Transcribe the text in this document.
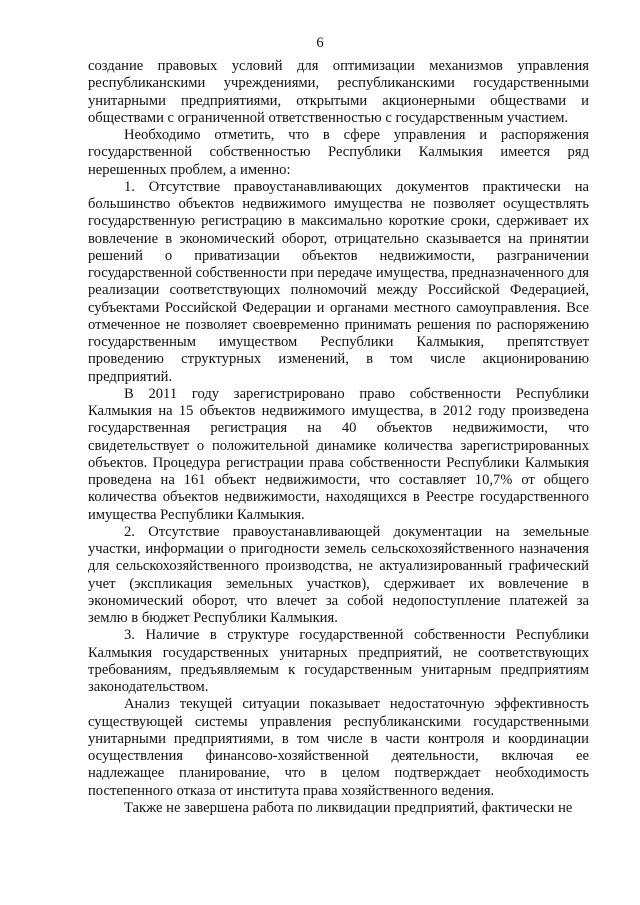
6

создание правовых условий для оптимизации механизмов управления республиканскими учреждениями, республиканскими государственными унитарными предприятиями, открытыми акционерными обществами и обществами с ограниченной ответственностью с государственным участием.

Необходимо отметить, что в сфере управления и распоряжения государственной собственностью Республики Калмыкия имеется ряд нерешенных проблем, а именно:

1. Отсутствие правоустанавливающих документов практически на большинство объектов недвижимого имущества не позволяет осуществлять государственную регистрацию в максимально короткие сроки, сдерживает их вовлечение в экономический оборот, отрицательно сказывается на принятии решений о приватизации объектов недвижимости, разграничении государственной собственности при передаче имущества, предназначенного для реализации соответствующих полномочий между Российской Федерацией, субъектами Российской Федерации и органами местного самоуправления. Все отмеченное не позволяет своевременно принимать решения по распоряжению государственным имуществом Республики Калмыкия, препятствует проведению структурных изменений, в том числе акционированию предприятий.

В 2011 году зарегистрировано право собственности Республики Калмыкия на 15 объектов недвижимого имущества, в 2012 году произведена государственная регистрация на 40 объектов недвижимости, что свидетельствует о положительной динамике количества зарегистрированных объектов. Процедура регистрации права собственности Республики Калмыкия проведена на 161 объект недвижимости, что составляет 10,7% от общего количества объектов недвижимости, находящихся в Реестре государственного имущества Республики Калмыкия.

2. Отсутствие правоустанавливающей документации на земельные участки, информации о пригодности земель сельскохозяйственного назначения для сельскохозяйственного производства, не актуализированный графический учет (экспликация земельных участков), сдерживает их вовлечение в экономический оборот, что влечет за собой недопоступление платежей за землю в бюджет Республики Калмыкия.

3. Наличие в структуре государственной собственности Республики Калмыкия государственных унитарных предприятий, не соответствующих требованиям, предъявляемым к государственным унитарным предприятиям законодательством.

Анализ текущей ситуации показывает недостаточную эффективность существующей системы управления республиканскими государственными унитарными предприятиями, в том числе в части контроля и координации осуществления финансово-хозяйственной деятельности, включая ее надлежащее планирование, что в целом подтверждает необходимость постепенного отказа от института права хозяйственного ведения.

Также не завершена работа по ликвидации предприятий, фактически не
